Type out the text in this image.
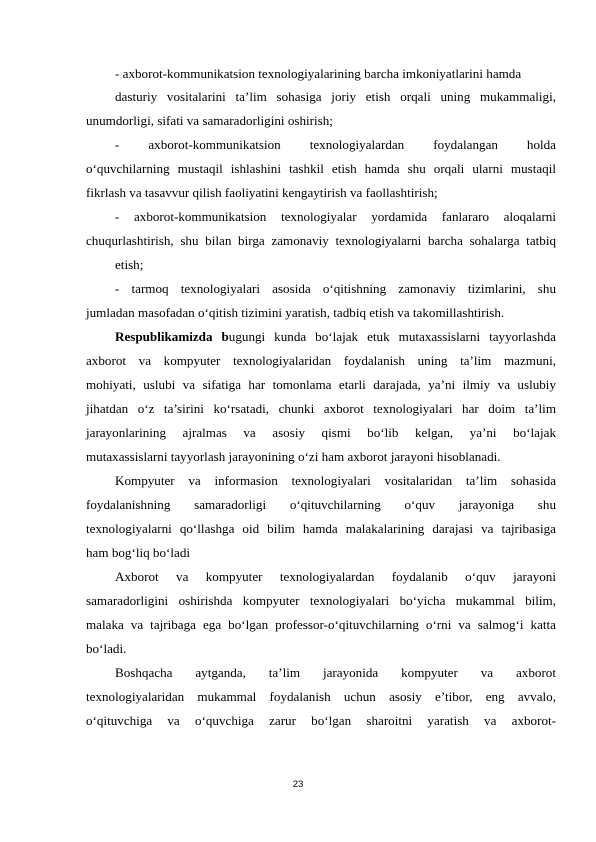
- axborot-kommunikatsion texnologiyalarining barcha imkoniyatlarini hamda
dasturiy vositalarini ta’lim sohasiga joriy etish orqali uning mukammaligi,
unumdorligi, sifati va samaradorligini oshirish;
- axborot-kommunikatsion texnologiyalardan foydalangan holda
o‘quvchilarning mustaqil ishlashini tashkil etish hamda shu orqali ularni mustaqil
fikrlash va tasavvur qilish faoliyatini kengaytirish va faollashtirish;
- axborot-kommunikatsion texnologiyalar yordamida fanlararo aloqalarni
chuqurlashtirish, shu bilan birga zamonaviy texnologiyalarni barcha sohalarga tatbiq
etish;
- tarmoq texnologiyalari asosida o‘qitishning zamonaviy tizimlarini, shu
jumladan masofadan o‘qitish tizimini yaratish, tadbiq etish va takomillashtirish.
Respublikamizda bugungi kunda bo‘lajak etuk mutaxassislarni tayyorlashda
axborot va kompyuter texnologiyalaridan foydalanish uning ta’lim mazmuni,
mohiyati, uslubi va sifatiga har tomonlama etarli darajada, ya’ni ilmiy va uslubiy
jihatdan o‘z ta’sirini ko‘rsatadi, chunki axborot texnologiyalari har doim ta’lim
jarayonlarining ajralmas va asosiy qismi bo‘lib kelgan, ya’ni bo‘lajak
mutaxassislarni tayyorlash jarayonining o‘zi ham axborot jarayoni hisoblanadi.
Kompyuter va informasion texnologiyalari vositalaridan ta’lim sohasida
foydalanishning samaradorligi o‘qituvchilarning o‘quv jarayoniga shu
texnologiyalarni qo‘llashga oid bilim hamda malakalarining darajasi va tajribasiga
ham bog‘liq bo‘ladi
Axborot va kompyuter texnologiyalardan foydalanib o‘quv jarayoni
samaradorligini oshirishda kompyuter texnologiyalari bo‘yicha mukammal bilim,
malaka va tajribaga ega bo‘lgan professor-o‘qituvchilarning o‘rni va salmog‘i katta
bo‘ladi.
Boshqacha aytganda, ta’lim jarayonida kompyuter va axborot
texnologiyalaridan mukammal foydalanish uchun asosiy e’tibor, eng avvalo,
o‘qituvchiga va o‘quvchiga zarur bo‘lgan sharoitni yaratish va axborot-
23
